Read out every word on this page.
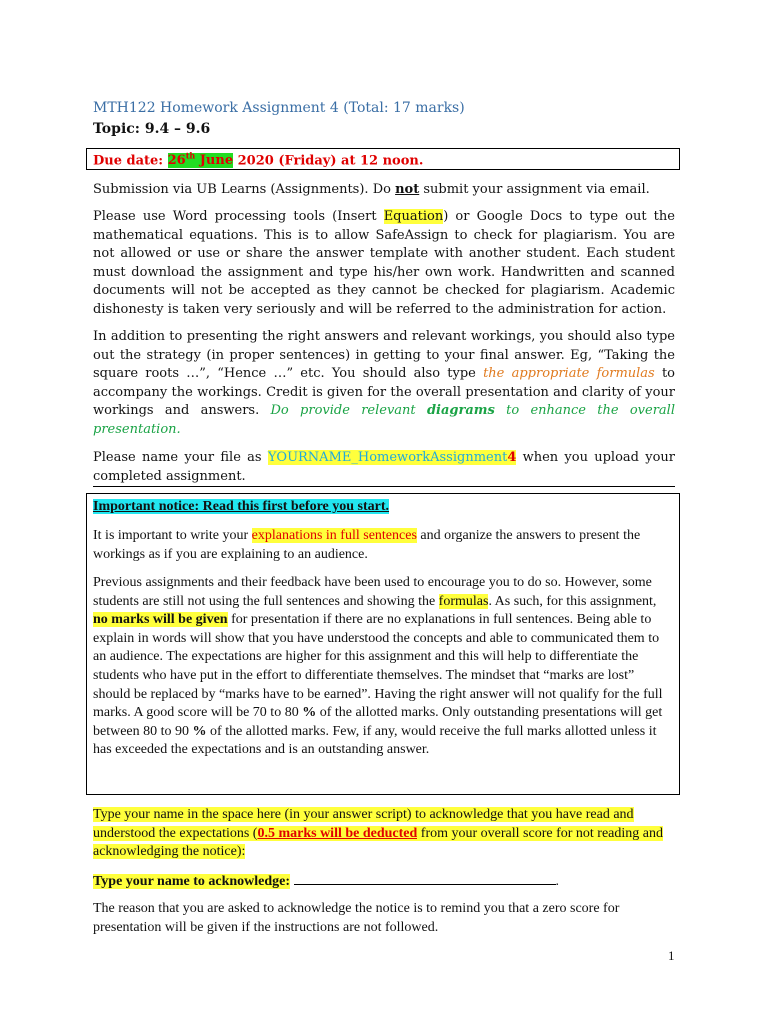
MTH122 Homework Assignment 4 (Total: 17 marks)
Topic: 9.4 – 9.6
Due date: 26th June 2020 (Friday) at 12 noon.
Submission via UB Learns (Assignments). Do not submit your assignment via email.
Please use Word processing tools (Insert Equation) or Google Docs to type out the mathematical equations. This is to allow SafeAssign to check for plagiarism. You are not allowed or use or share the answer template with another student. Each student must download the assignment and type his/her own work. Handwritten and scanned documents will not be accepted as they cannot be checked for plagiarism. Academic dishonesty is taken very seriously and will be referred to the administration for action.
In addition to presenting the right answers and relevant workings, you should also type out the strategy (in proper sentences) in getting to your final answer. Eg, “Taking the square roots …”, “Hence …” etc. You should also type the appropriate formulas to accompany the workings. Credit is given for the overall presentation and clarity of your workings and answers. Do provide relevant diagrams to enhance the overall presentation.
Please name your file as YOURNAME_HomeworkAssignment4 when you upload your completed assignment.
Important notice: Read this first before you start.
It is important to write your explanations in full sentences and organize the answers to present the workings as if you are explaining to an audience.
Previous assignments and their feedback have been used to encourage you to do so. However, some students are still not using the full sentences and showing the formulas. As such, for this assignment, no marks will be given for presentation if there are no explanations in full sentences. Being able to explain in words will show that you have understood the concepts and able to communicated them to an audience. The expectations are higher for this assignment and this will help to differentiate the students who have put in the effort to differentiate themselves. The mindset that “marks are lost” should be replaced by “marks have to be earned”. Having the right answer will not qualify for the full marks. A good score will be 70 to 80 % of the allotted marks. Only outstanding presentations will get between 80 to 90 % of the allotted marks. Few, if any, would receive the full marks allotted unless it has exceeded the expectations and is an outstanding answer.
Type your name in the space here (in your answer script) to acknowledge that you have read and understood the expectations (0.5 marks will be deducted from your overall score for not reading and acknowledging the notice):
Type your name to acknowledge:	.
The reason that you are asked to acknowledge the notice is to remind you that a zero score for presentation will be given if the instructions are not followed.
1
